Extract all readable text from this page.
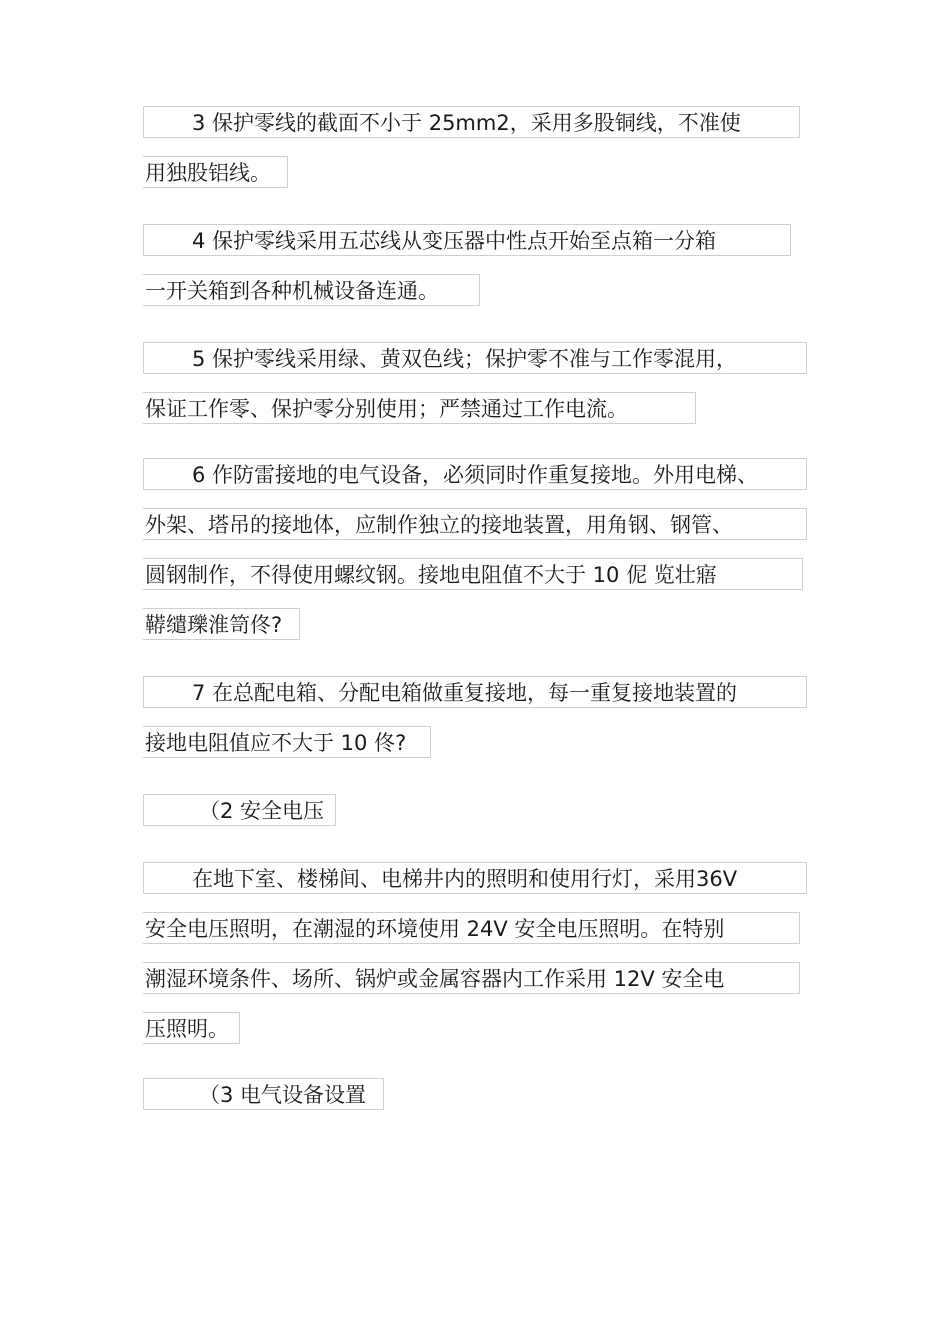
3 保护零线的截面不小于 25mm2，采用多股铜线，不准使
用独股铝线。
4 保护零线采用五芯线从变压器中性点开始至点箱一分箱
一开关箱到各种机械设备连通。
5 保护零线采用绿、黄双色线；保护零不准与工作零混用，
保证工作零、保护零分别使用；严禁通过工作电流。
6 作防雷接地的电气设备，必须同时作重复接地。外用电梯、
外架、塔吊的接地体，应制作独立的接地装置，用角钢、钢管、
圆钢制作，不得使用螺纹钢。接地电阻值不大于 10 伲 览壮寤
鞯缱瓅淮笥佟?
7 在总配电箱、分配电箱做重复接地，每一重复接地装置的
接地电阻值应不大于 10 佟?
（2 安全电压
在地下室、楼梯间、电梯井内的照明和使用行灯，采用36V
安全电压照明，在潮湿的环境使用 24V 安全电压照明。在特别
潮湿环境条件、场所、锅炉或金属容器内工作采用 12V 安全电
压照明。
（3 电气设备设置
